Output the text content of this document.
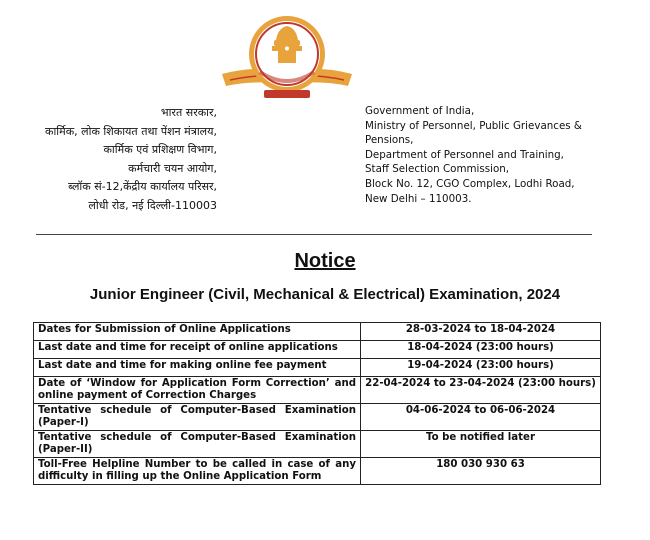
भारत सरकार,
कार्मिक, लोक शिकायत तथा पेंशन मंत्रालय,
कार्मिक एवं प्रशिक्षण विभाग,
कर्मचारी चयन आयोग,
ब्लॉक सं-12,केंद्रीय कार्यालय परिसर,
लोधी रोड, नई दिल्ली-110003
Government of India,
Ministry of Personnel, Public Grievances & Pensions,
Department of Personnel and Training,
Staff Selection Commission,
Block No. 12, CGO Complex, Lodhi Road,
New Delhi – 110003.
Notice
Junior Engineer (Civil, Mechanical & Electrical) Examination, 2024
Dates for Submission of Online Applications	28-03-2024 to 18-04-2024
Last date and time for receipt of online applications	18-04-2024 (23:00 hours)
Last date and time for making online fee payment	19-04-2024 (23:00 hours)
Date of ‘Window for Application Form Correction’ and online payment of Correction Charges	22-04-2024 to 23-04-2024 (23:00 hours)
Tentative schedule of Computer-Based Examination (Paper-I)	04-06-2024 to 06-06-2024
Tentative schedule of Computer-Based Examination (Paper-II)	To be notified later
Toll-Free Helpline Number to be called in case of any difficulty in filling up the Online Application Form	180 030 930 63
